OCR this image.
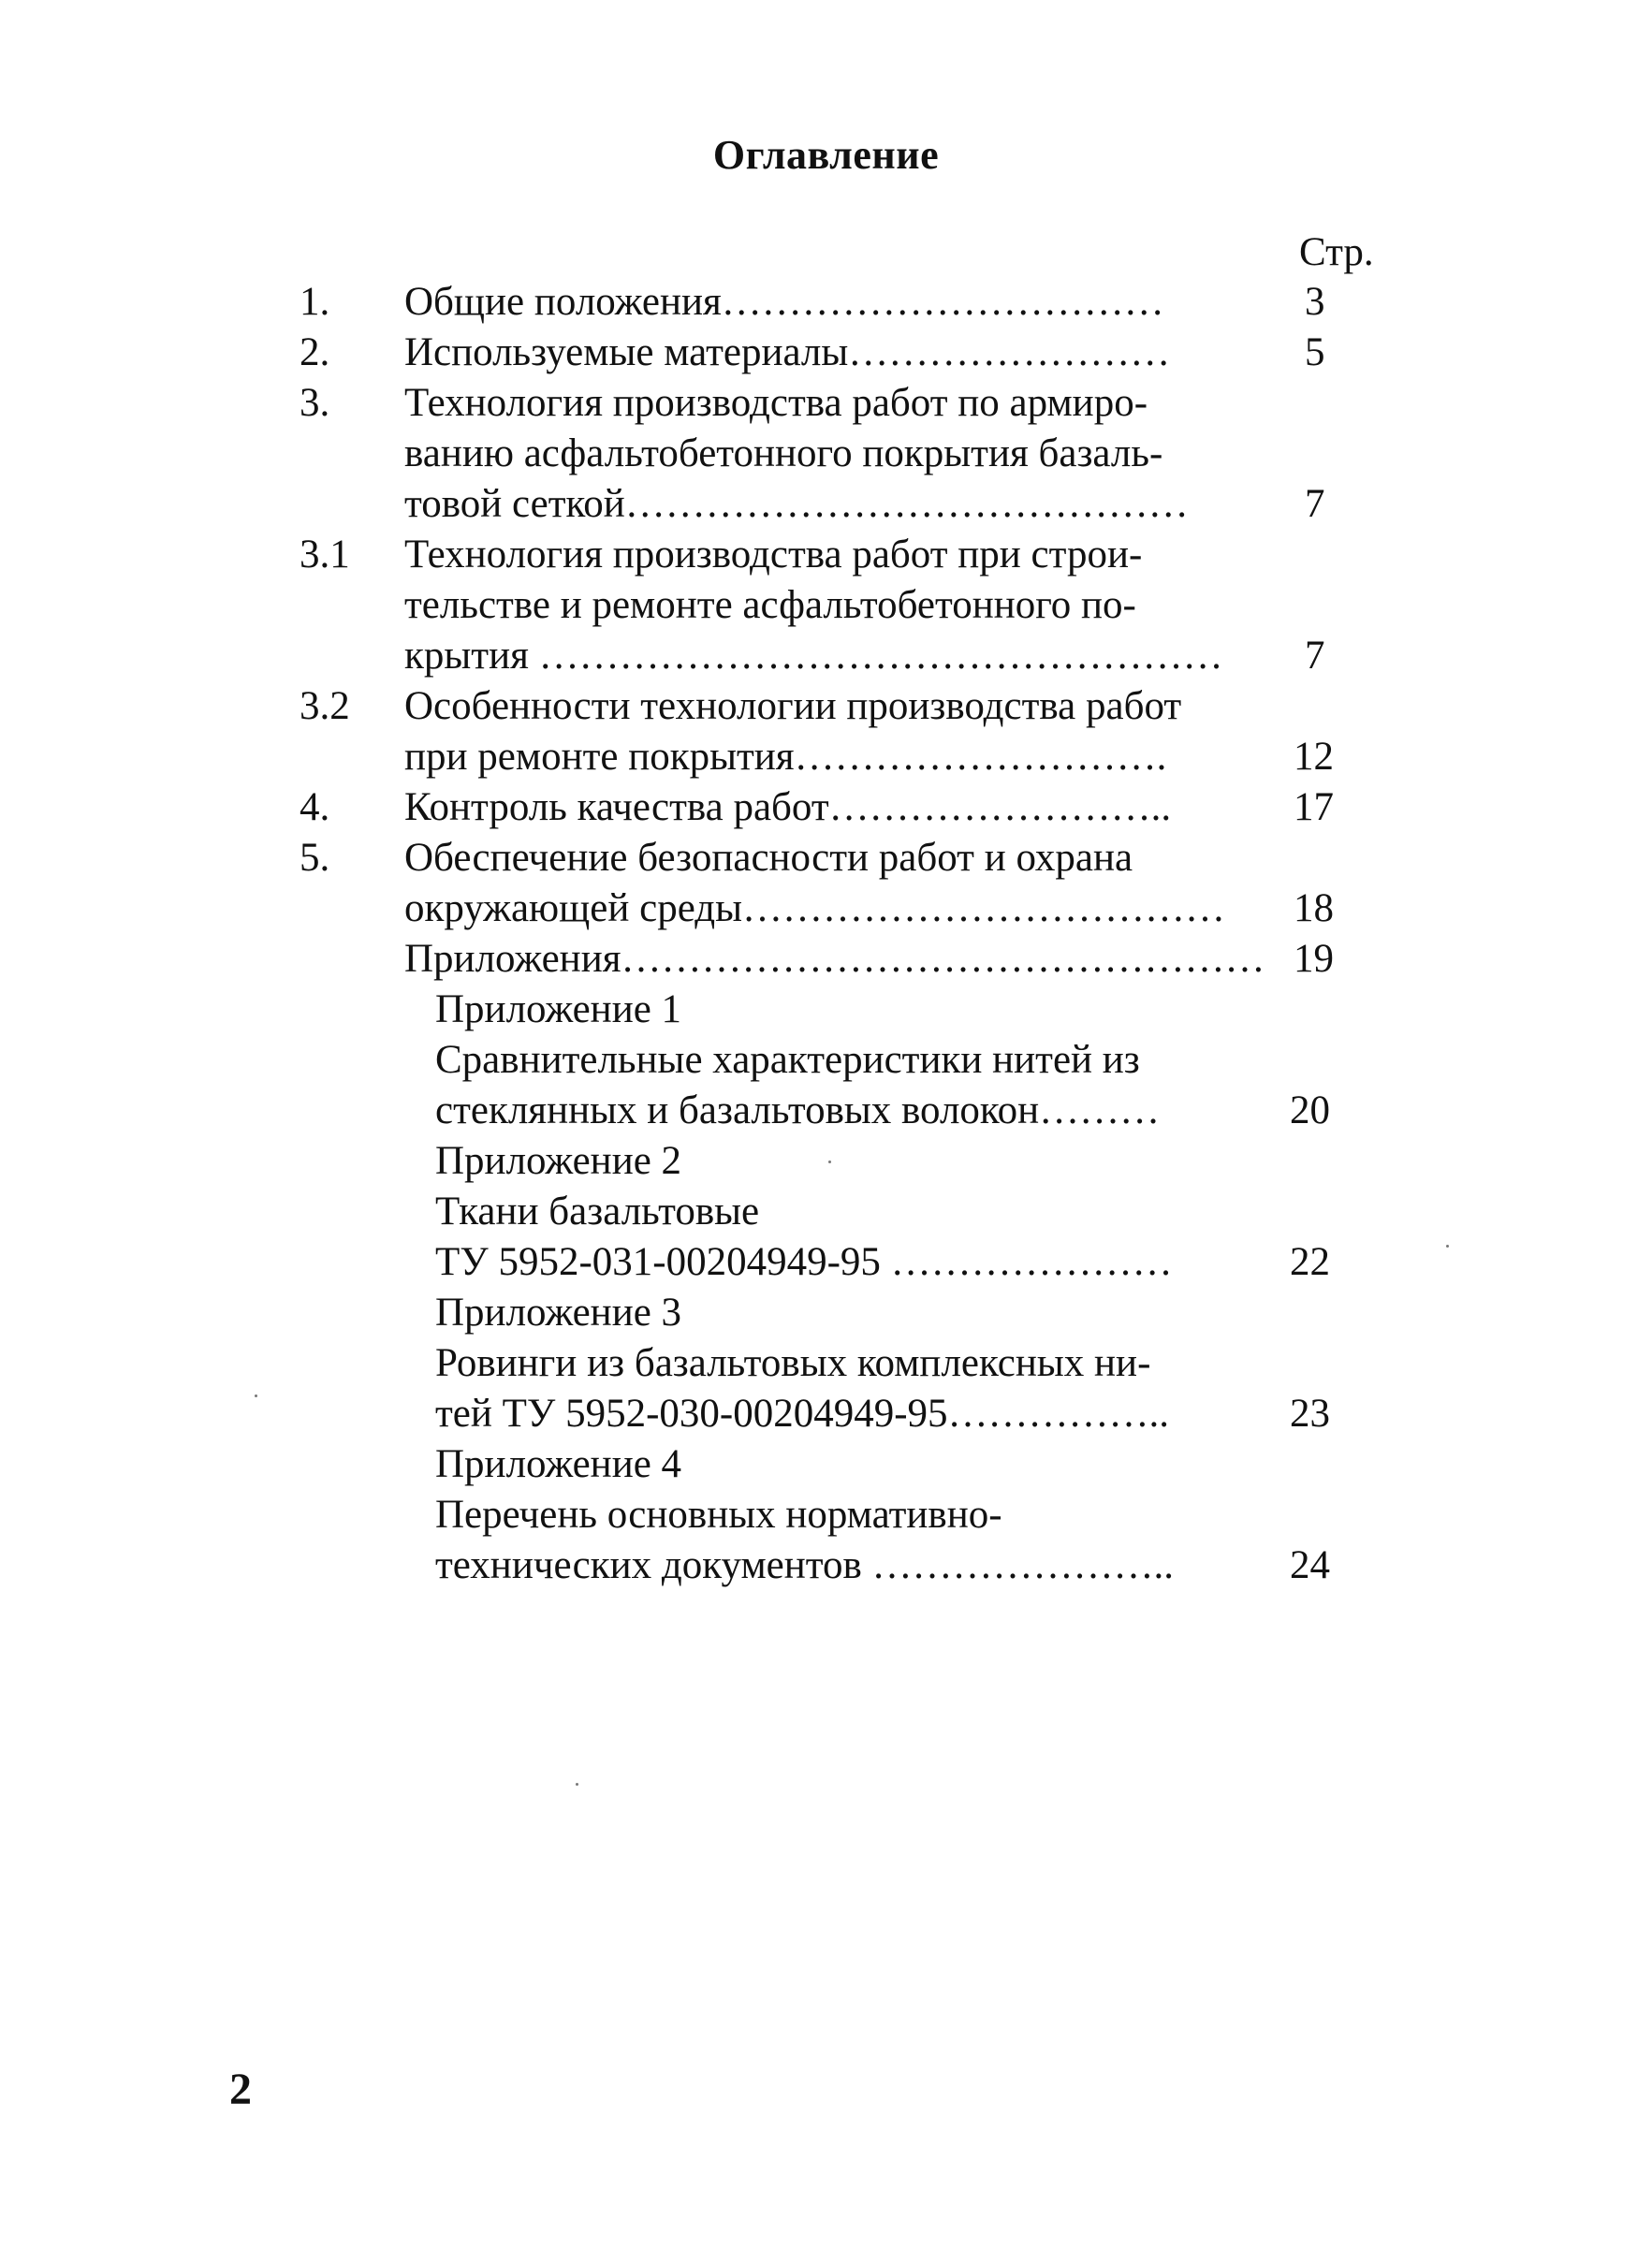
Оглавление
Стр.
1. Общие положения……………………………	3
2. Используемые материалы……………………	5
3. Технология производства работ по армиро-
ванию асфальтобетонного покрытия базаль-
товой сеткой……………………………………	7
3.1 Технология производства работ при строи-
тельстве и ремонте асфальтобетонного по-
крытия …………………………………………… 7
3.2 Особенности технологии производства работ
при ремонте покрытия……………………….	12
4. Контроль качества работ……………………..	17
5. Обеспечение безопасности работ и охрана
окружающей среды……………………………… 18
Приложения………………………………………… 19
Приложение 1
Сравнительные характеристики нитей из
стеклянных и базальтовых волокон………	20
Приложение 2
Ткани базальтовые
ТУ 5952-031-00204949-95 …………………	22
Приложение 3
Ровинги из базальтовых комплексных ни-
тей ТУ 5952-030-00204949-95……………..	23
Приложение 4
Перечень основных нормативно-
технических документов …………………..	24
2
